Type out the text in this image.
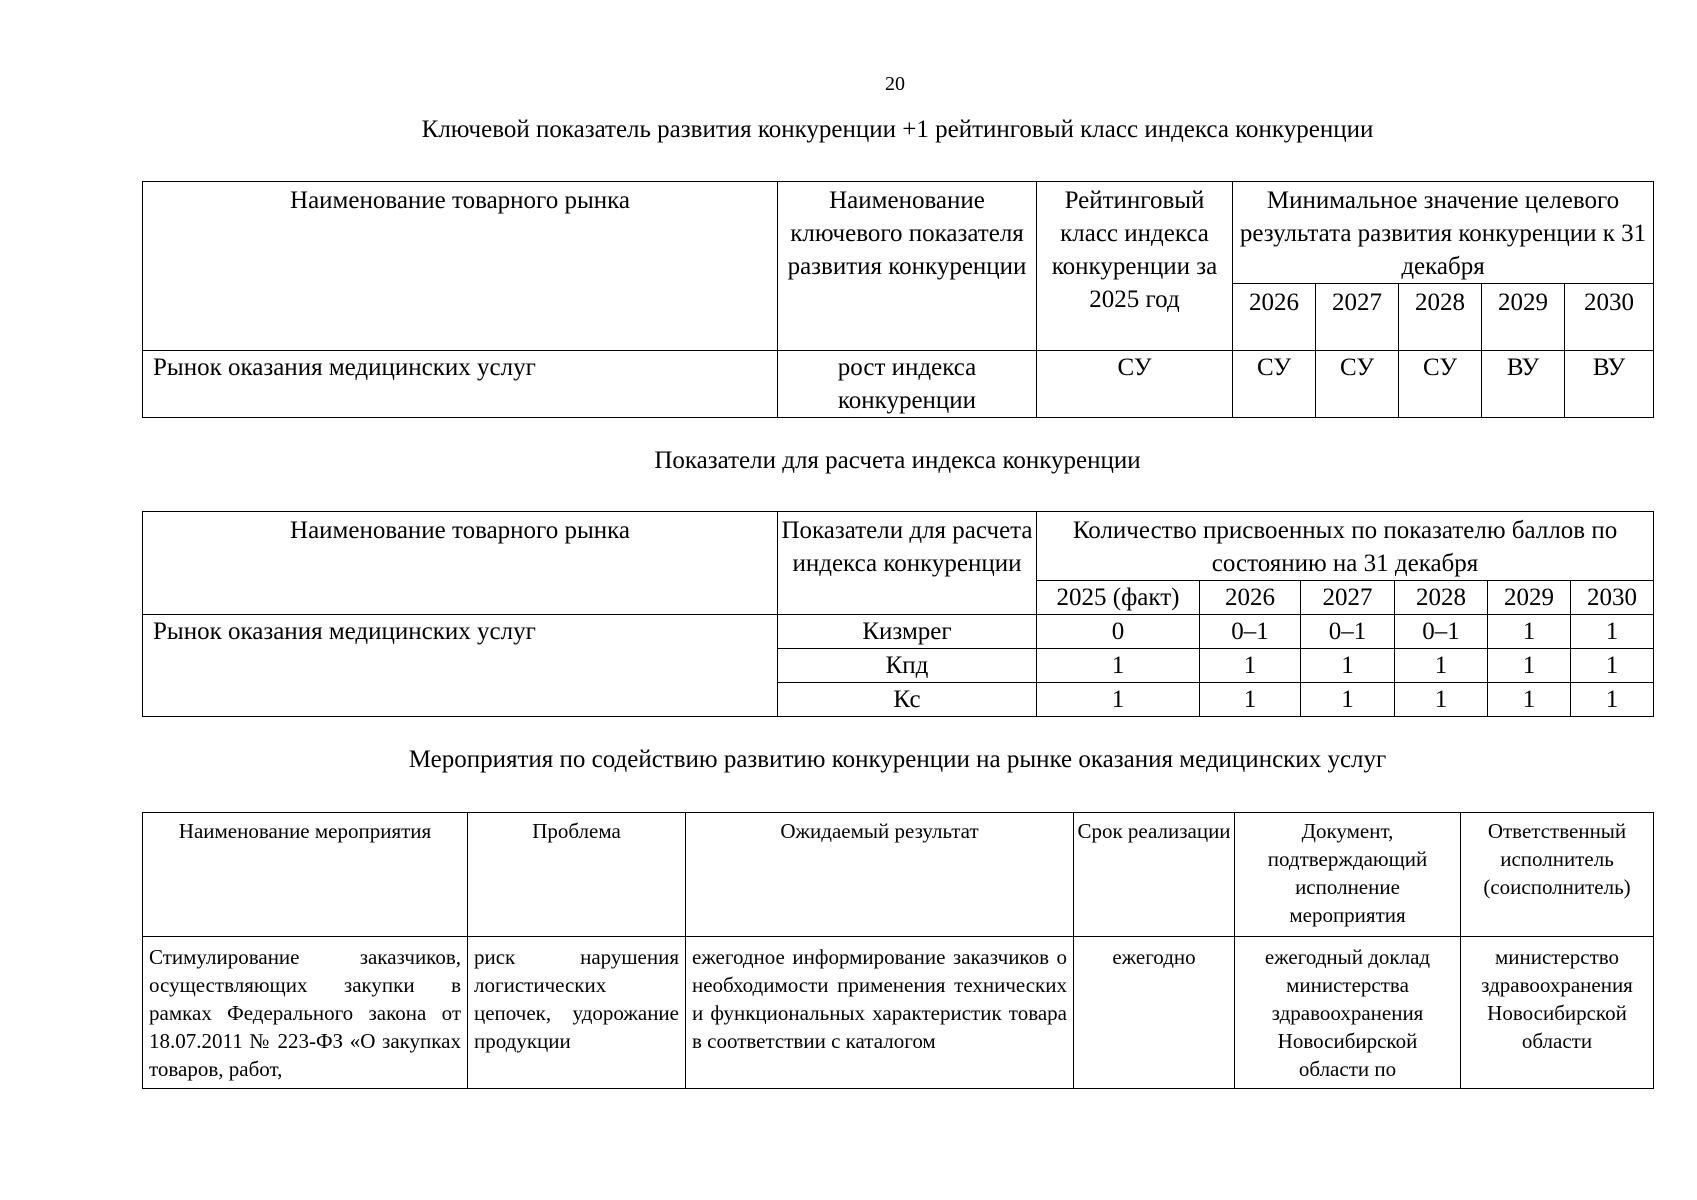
20
Ключевой показатель развития конкуренции +1 рейтинговый класс индекса конкуренции
Наименование товарного рынка	Наименование ключевого показателя развития конкуренции	Рейтинговый класс индекса конкуренции за 2025 год	Минимальное значение целевого результата развития конкуренции к 31 декабря				
			2026	2027	2028	2029	2030
Рынок оказания медицинских услуг	рост индекса конкуренции	СУ	СУ	СУ	СУ	ВУ	ВУ
Показатели для расчета индекса конкуренции
Наименование товарного рынка	Показатели для расчета индекса конкуренции	Количество присвоенных по показателю баллов по состоянию на 31 декабря					
		2025 (факт)	2026	2027	2028	2029	2030
Рынок оказания медицинских услуг	Кизмрег	0	0–1	0–1	0–1	1	1
	Кпд	1	1	1	1	1	1
	Кс	1	1	1	1	1	1
Мероприятия по содействию развитию конкуренции на рынке оказания медицинских услуг
Наименование мероприятия	Проблема	Ожидаемый результат	Срок реализации	Документ, подтверждающий исполнение мероприятия	Ответственный исполнитель (соисполнитель)
Стимулирование заказчиков, осуществляющих закупки в рамках Федерального закона от 18.07.2011 № 223-ФЗ «О закупках товаров, работ,	риск нарушения логистических цепочек, удорожание продукции	ежегодное информирование заказчиков о необходимости применения технических и функциональных характеристик товара в соответствии с каталогом	ежегодно	ежегодный доклад министерства здравоохранения Новосибирской области по	министерство здравоохранения Новосибирской области
